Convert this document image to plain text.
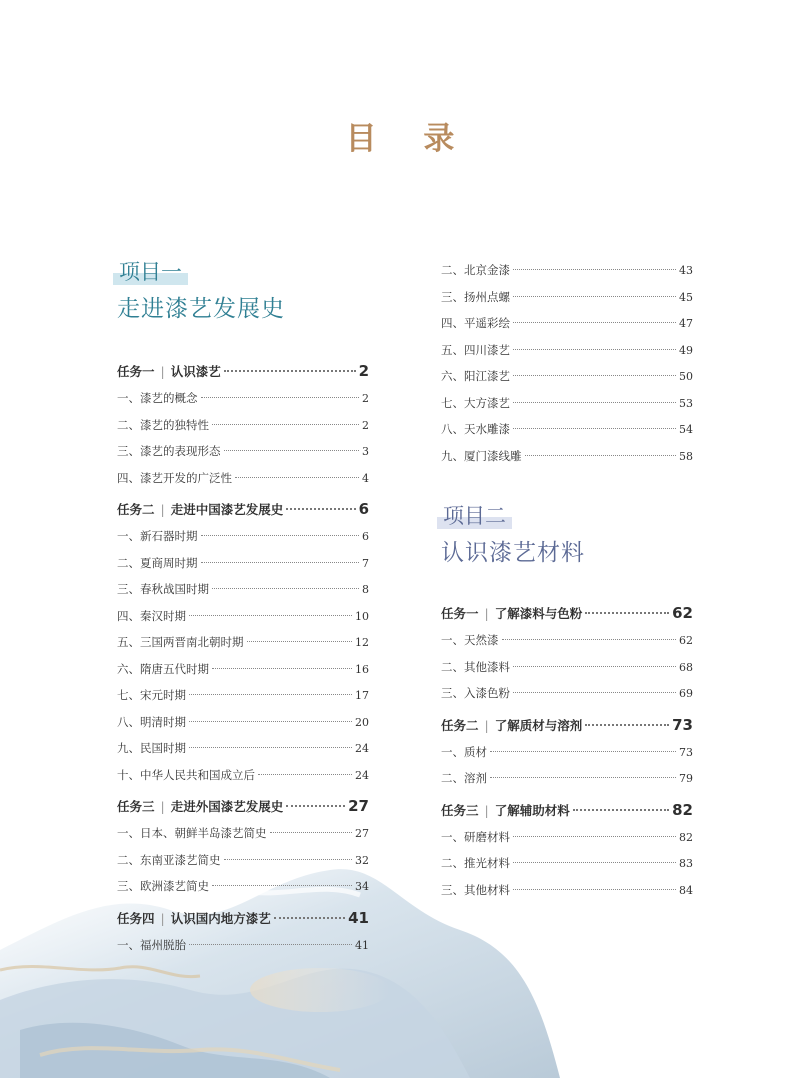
目 录
项目一
走进漆艺发展史
任务一 | 认识漆艺	2
一、漆艺的概念	2
二、漆艺的独特性	2
三、漆艺的表现形态	3
四、漆艺开发的广泛性	4
任务二 | 走进中国漆艺发展史	6
一、新石器时期	6
二、夏商周时期	7
三、春秋战国时期	8
四、秦汉时期	10
五、三国两晋南北朝时期	12
六、隋唐五代时期	16
七、宋元时期	17
八、明清时期	20
九、民国时期	24
十、中华人民共和国成立后	24
任务三 | 走进外国漆艺发展史	27
一、日本、朝鲜半岛漆艺简史	27
二、东南亚漆艺简史	32
三、欧洲漆艺简史	34
任务四 | 认识国内地方漆艺	41
一、福州脱胎	41
二、北京金漆	43
三、扬州点螺	45
四、平遥彩绘	47
五、四川漆艺	49
六、阳江漆艺	50
七、大方漆艺	53
八、天水雕漆	54
九、厦门漆线雕	58
项目二
认识漆艺材料
任务一 | 了解漆料与色粉	62
一、天然漆	62
二、其他漆料	68
三、入漆色粉	69
任务二 | 了解质材与溶剂	73
一、质材	73
二、溶剂	79
任务三 | 了解辅助材料	82
一、研磨材料	82
二、推光材料	83
三、其他材料	84
